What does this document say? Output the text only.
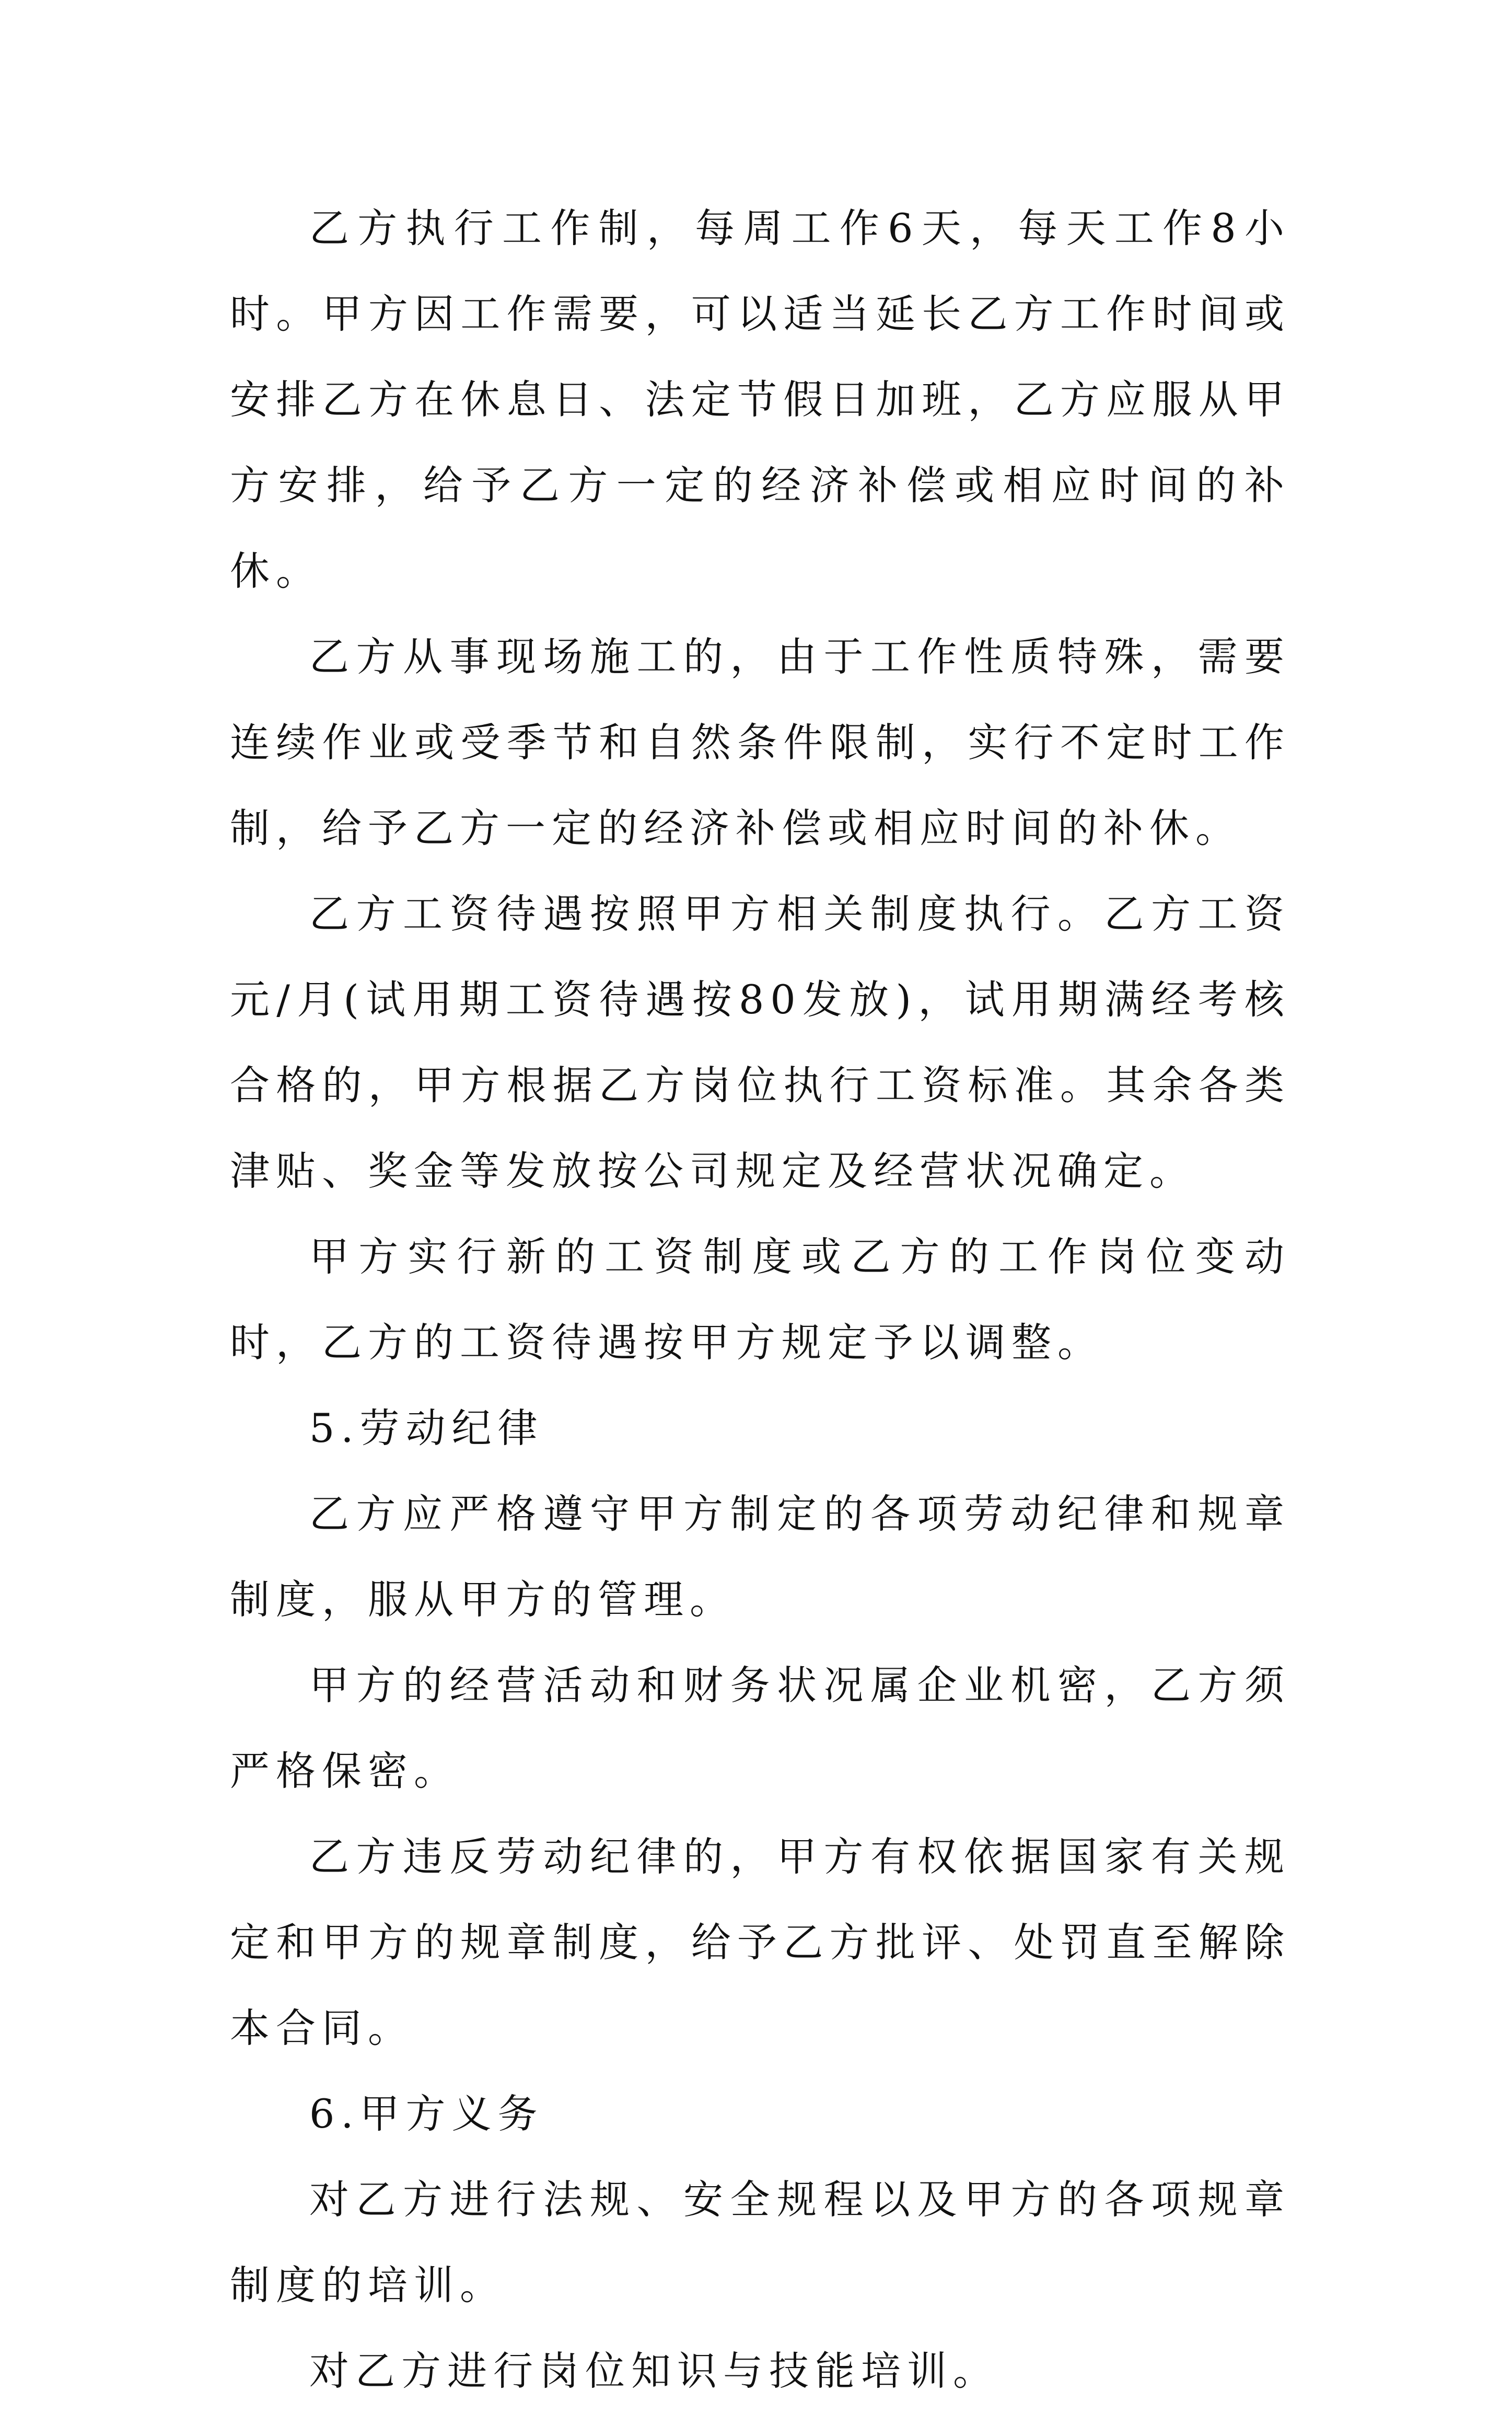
乙方执行工作制，每周工作6天，每天工作8小时。甲方因工作需要，可以适当延长乙方工作时间或安排乙方在休息日、法定节假日加班，乙方应服从甲方安排，给予乙方一定的经济补偿或相应时间的补休。

乙方从事现场施工的，由于工作性质特殊，需要连续作业或受季节和自然条件限制，实行不定时工作制，给予乙方一定的经济补偿或相应时间的补休。

乙方工资待遇按照甲方相关制度执行。乙方工资元/月(试用期工资待遇按80发放)，试用期满经考核合格的，甲方根据乙方岗位执行工资标准。其余各类津贴、奖金等发放按公司规定及经营状况确定。

甲方实行新的工资制度或乙方的工作岗位变动时，乙方的工资待遇按甲方规定予以调整。

5.劳动纪律

乙方应严格遵守甲方制定的各项劳动纪律和规章制度，服从甲方的管理。

甲方的经营活动和财务状况属企业机密，乙方须严格保密。

乙方违反劳动纪律的，甲方有权依据国家有关规定和甲方的规章制度，给予乙方批评、处罚直至解除本合同。

6.甲方义务

对乙方进行法规、安全规程以及甲方的各项规章制度的培训。

对乙方进行岗位知识与技能培训。
